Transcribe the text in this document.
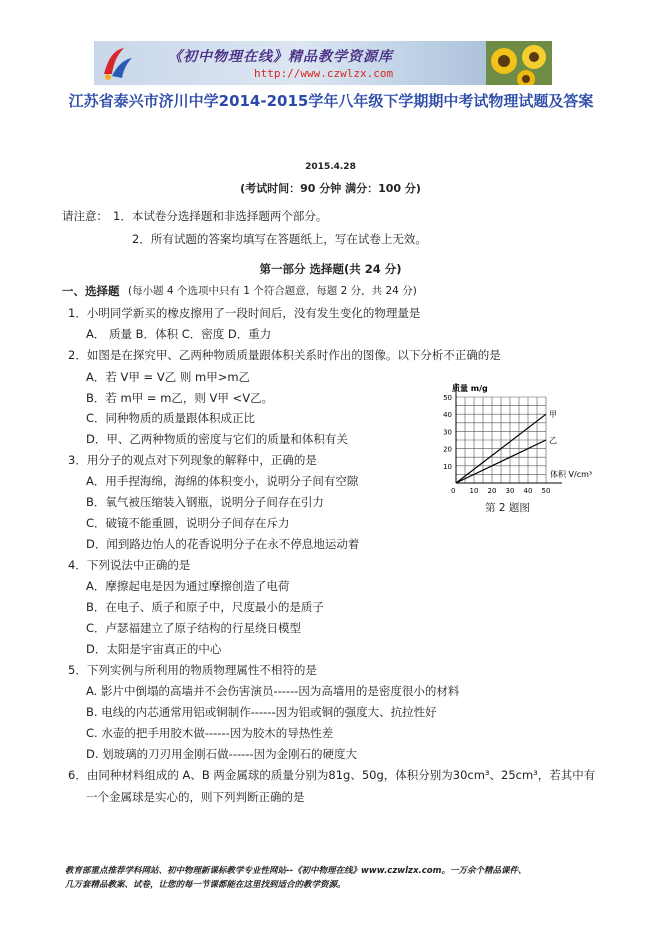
《初中物理在线》精品教学资源库
http://www.czwlzx.com
江苏省泰兴市济川中学2014-2015学年八年级下学期期中考试物理试题及答案
2015.4.28
(考试时间：90 分钟 满分：100 分)
请注意： 1．本试卷分选择题和非选择题两个部分。
2．所有试题的答案均填写在答题纸上，写在试卷上无效。
第一部分 选择题(共 24 分)
一、选择题 (每小题 4 个选项中只有 1 个符合题意，每题 2 分，共 24 分)
1．小明同学新买的橡皮擦用了一段时间后，没有发生变化的物理量是
A． 质量 B．体积 C．密度 D．重力
2．如图是在探究甲、乙两种物质质量跟体积关系时作出的图像。以下分析不正确的是
A．若 V甲 = V乙 则 m甲>m乙
B．若 m甲 = m乙，则 V甲 <V乙。
C．同种物质的质量跟体积成正比
D．甲、乙两种物质的密度与它们的质量和体积有关
3．用分子的观点对下列现象的解释中，正确的是
A．用手捏海绵，海绵的体积变小，说明分子间有空隙
B．氧气被压缩装入钢瓶，说明分子间存在引力
C．破镜不能重圆，说明分子间存在斥力
D．闻到路边怡人的花香说明分子在永不停息地运动着
4．下列说法中正确的是
A．摩擦起电是因为通过摩擦创造了电荷
B．在电子、质子和原子中，尺度最小的是质子
C．卢瑟福建立了原子结构的行星绕日模型
D．太阳是宇宙真正的中心
5．下列实例与所利用的物质物理属性不相符的是
A. 影片中倒塌的高墙并不会伤害演员------因为高墙用的是密度很小的材料
B. 电线的内芯通常用铝或铜制作------因为铝或铜的强度大、抗拉性好
C. 水壶的把手用胶木做------因为胶木的导热性差
D. 划玻璃的刀刃用金刚石做------因为金刚石的硬度大
6．由同种材料组成的 A、B 两金属球的质量分别为81g、50g，体积分别为30cm³、25cm³，若其中有
一个金属球是实心的，则下列判断正确的是
10 20 30 40 50
10
20
30
40
50
0
质量 m/g
体积 V/cm³
甲
乙
第 2 题图
教育部重点推荐学科网站、初中物理新课标教学专业性网站--《初中物理在线》www.czwlzx.com。一万余个精品课件、
几万套精品教案、试卷，让您的每一节课都能在这里找到适合的教学资源。
